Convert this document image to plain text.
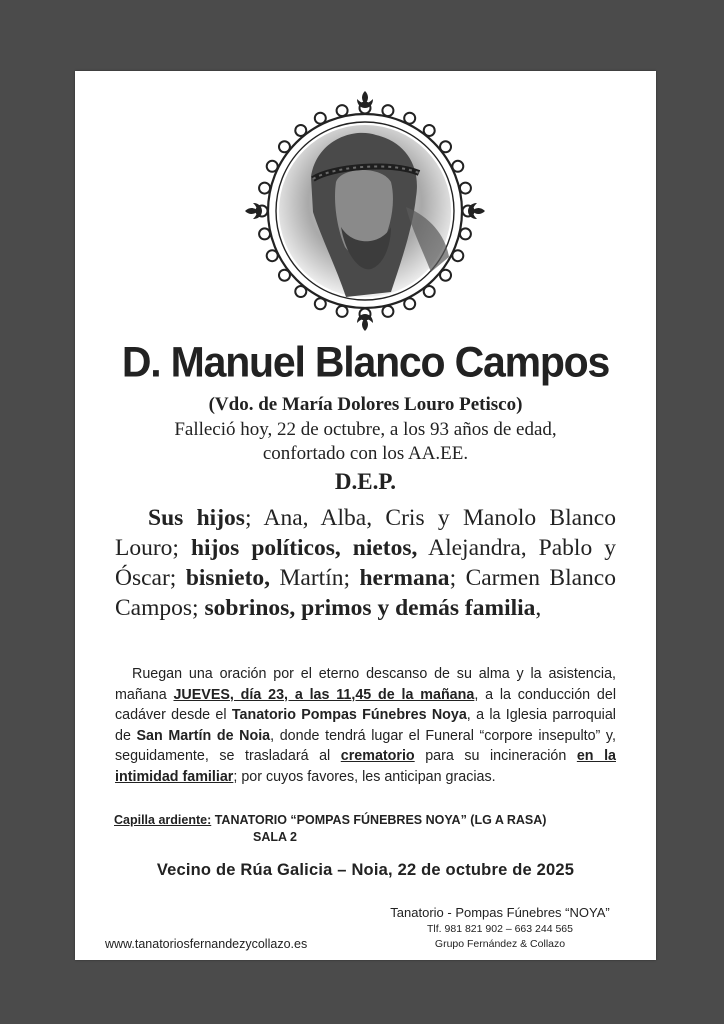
D. Manuel Blanco Campos
(Vdo. de María Dolores Louro Petisco)
Falleció hoy, 22 de octubre, a los 93 años de edad,
confortado con los AA.EE.
D.E.P.
Sus hijos; Ana, Alba, Cris y Manolo Blanco Louro; hijos políticos, nietos, Alejandra, Pablo y Óscar; bisnieto, Martín; hermana; Carmen Blanco Campos; sobrinos, primos y demás familia,
Ruegan una oración por el eterno descanso de su alma y la asistencia, mañana JUEVES, día 23, a las 11,45 de la mañana, a la conducción del cadáver desde el Tanatorio Pompas Fúnebres Noya, a la Iglesia parroquial de San Martín de Noia, donde tendrá lugar el Funeral “corpore insepulto” y, seguidamente, se trasladará al crematorio para su incineración en la intimidad familiar; por cuyos favores, les anticipan gracias.
Capilla ardiente: TANATORIO “POMPAS FÚNEBRES NOYA” (LG A RASA)
SALA 2
Vecino de Rúa Galicia – Noia, 22 de octubre de 2025
Tanatorio - Pompas Fúnebres “NOYA”
Tlf. 981 821 902 – 663 244 565
Grupo Fernández & Collazo
www.tanatoriosfernandezycollazo.es
